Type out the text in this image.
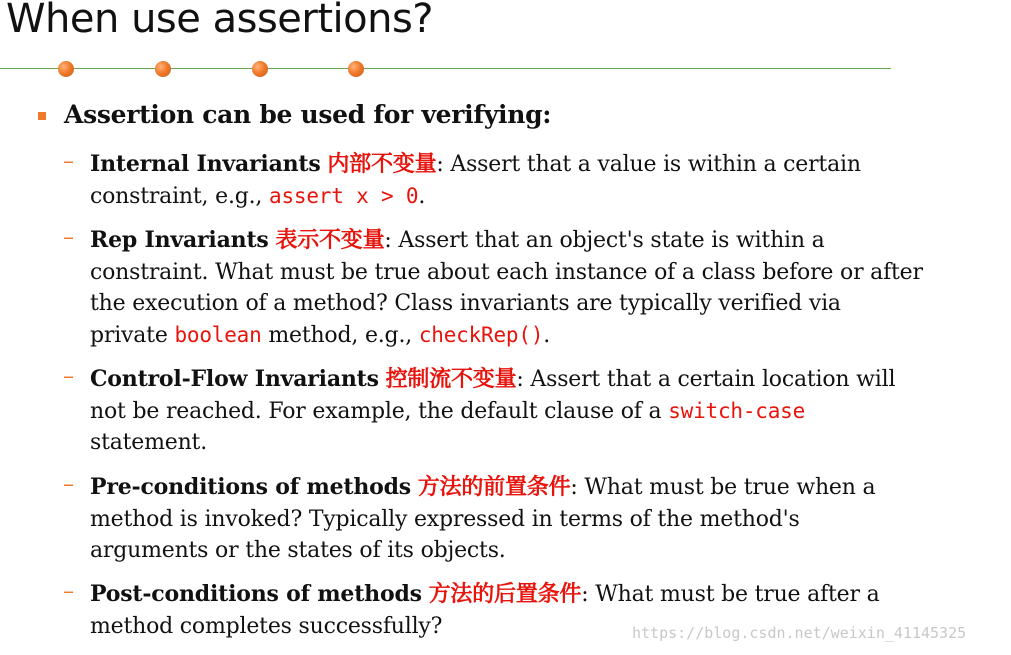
When use assertions?
Assertion can be used for verifying:
– Internal Invariants 内部不变量: Assert that a value is within a certain
constraint, e.g., assert x > 0.
– Rep Invariants 表示不变量: Assert that an object's state is within a
constraint. What must be true about each instance of a class before or after
the execution of a method? Class invariants are typically verified via
private boolean method, e.g., checkRep().
– Control-Flow Invariants 控制流不变量: Assert that a certain location will
not be reached. For example, the default clause of a switch-case
statement.
– Pre-conditions of methods 方法的前置条件: What must be true when a
method is invoked? Typically expressed in terms of the method's
arguments or the states of its objects.
– Post-conditions of methods 方法的后置条件: What must be true after a
method completes successfully?	https://blog.csdn.net/weixin_41145325
